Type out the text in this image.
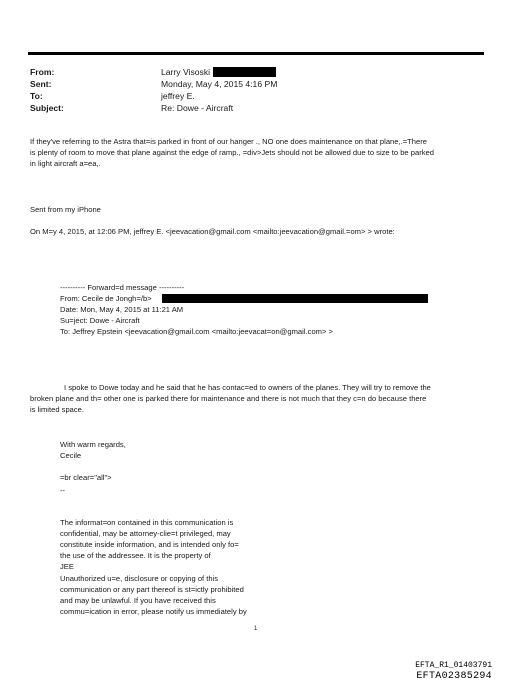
From:
Sent:
To:
Subject:
Larry Visoski
Monday, May 4, 2015 4:16 PM
jeffrey E.
Re: Dowe - Aircraft
If they've referring to the Astra that=is parked in front of our hanger ., NO one does maintenance on that plane,.=There
is plenty of room to move that plane against the edge of ramp., =div>Jets should not be allowed due to size to be parked
in light aircraft a=ea,.
Sent from my iPhone
On M=y 4, 2015, at 12:06 PM, jeffrey E. <jeevacation@gmail.com <mailto:jeevacation@gmail.=om> > wrote:
---------- Forward=d message ----------
From: Cecile de Jongh=/b>
Date: Mon, May 4, 2015 at 11:21 AM
Su=ject: Dowe - Aircraft
To: Jeffrey Epstein <jeevacation@gmail.com <mailto:jeevacat=on@gmail.com> >
I spoke to Dowe today and he said that he has contac=ed to owners of the planes. They will try to remove the
broken plane and th= other one is parked there for maintenance and there is not much that they c=n do because there
is limited space.
With warm regards,
Cecile
=br clear="all">
--
The informat=on contained in this communication is
confidential, may be attorney-clie=t privileged, may
constitute inside information, and is intended only fo=
the use of the addressee. It is the property of
JEE
Unauthorized u=e, disclosure or copying of this
communication or any part thereof is st=ictly prohibited
and may be unlawful. If you have received this
commu=ication in error, please notify us immediately by
1
EFTA_R1_01403791
EFTA02385294
